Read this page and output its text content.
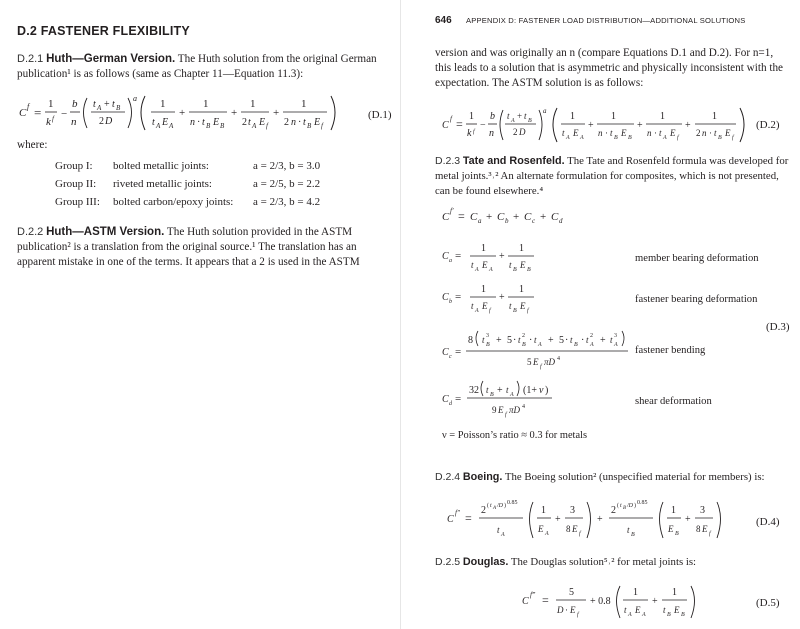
D.2 FASTENER FLEXIBILITY
D.2.1 Huth—German Version. The Huth solution from the original German
publication¹ is as follows (same as Chapter 11—Equation 11.3):
C
f =
1
k f −
b
n
t A + t B
2 D
a 1
t A E A
+
1
n · t B E B
+
1
2 t A E f
+
1
2 n · t B E f
(D.1)
where:
Group I: bolted metallic joints:	a = 2/3, b = 3.0
Group II: riveted metallic joints:	a = 2/5, b = 2.2
Group III: bolted carbon/epoxy joints: a = 2/3, b = 4.2
D.2.2 Huth—ASTM Version. The Huth solution provided in the ASTM
publication² is a translation from the original source.¹ The translation has an
apparent mistake in one of the terms. It appears that a 2 is used in the ASTM
646 APPENDIX D: FASTENER LOAD DISTRIBUTION—ADDITIONAL SOLUTIONS
version and was originally an n (compare Equations D.1 and D.2). For n=1,
this leads to a solution that is asymmetric and physically inconsistent with the
expectation. The ASTM solution is as follows:
C
f =
1
k f
−
b
n
t A + t B
2 D
a 1
t A E A
+
1
n · t B E B
+
1
n · t A E f
+
1
2 n · t B E f
(D.2)
D.2.3 Tate and Rosenfeld. The Tate and Rosenfeld formula was developed for
metal joints.³˒² An alternate formulation for composites, which is not presented,
can be found elsewhere.⁴
C f′ = C a + C b + C c + C d
C a =
1
t A E A
+
1
t B E B
member bearing deformation
C b =
1
t A E f
+
1
t B E f
fastener bearing deformation
C c =
8 t B
3 + 5 · t B
2 · t A + 5 · t B · t A
2 + t A
3
5 E f πD 4
fastener bending
C d =
32 t B + t A (1+ ν )
9 E f πD 4	shear deformation
(D.3)
ν = Poisson’s ratio ≈ 0.3 for metals
D.2.4 Boeing. The Boeing solution² (unspecified material for members) is:
C
f″ =
2 ( t A /D ) 0.85
t A
1
E A
+
3
8 E f
+
2 ( t B /D ) 0.85
t B
1
E B
+
3
8 E f
(D.4)
D.2.5 Douglas. The Douglas solution⁵˒² for metal joints is:
C
f‴ =
5
D · E f
+ 0.8
1
t A E A
+
1
t B E B
(D.5)
